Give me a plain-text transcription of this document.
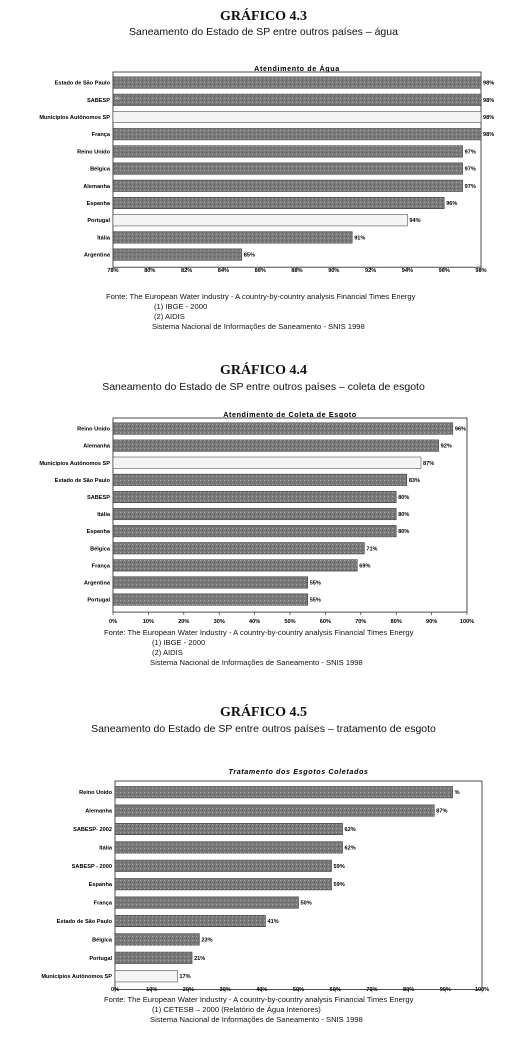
GRÁFICO 4.3
Saneamento do Estado de SP entre outros países – água
Atendimento de Água
Estado de São Paulo	98%
SABESP	98%
(1)
Municípios Autônomos SP	98%
França	98%
Reino Unido	97%
Bélgica	97%
Alemanha	97%
Espanha	96%
Portugal	94%
Itália	91%
Argentina	85%
78%	80%	82%	84%	86%	88%	90%	92%	94%	96%	98%
Fonte: The European Water Industry - A country-by-country analysis Financial Times Energy
(1) IBGE - 2000
(2) AIDIS
Sistema Nacional de Informações de Saneamento - SNIS 1998
GRÁFICO 4.4
Saneamento do Estado de SP entre outros países – coleta de esgoto
Atendimento de Coleta de Esgoto
Reino Unido	96%
Alemanha	92%
Municípios Autônomos SP	87%
Estado de São Paulo	83%
SABESP	80%
Itália	80%
Espanha	80%
Bélgica	71%
França	69%
Argentina	55%
Portugal	55%
0%	10%	20%	30%	40%	50%	60%	70%	80%	90%	100%
Fonte: The European Water Industry - A country-by-country analysis Financial Times Energy
(1) IBGE - 2000
(2) AIDIS
Sistema Nacional de Informações de Saneamento - SNIS 1998
GRÁFICO 4.5
Saneamento do Estado de SP entre outros países – tratamento de esgoto
Tratamento dos Esgotos Coletados
Reino Unido	%
Alemanha	87%
SABESP- 2002	62%
Itália	62%
SABESP - 2000	59%
Espanha	59%
França	50%
Estado de São Paulo	41%
Bélgica	23%
Portugal	21%
Municípios Autônomos SP	17%
0%	10%	20%	30%	40%	50%	60%	70%	80%	90%	100%
Fonte: The European Water Industry - A country-by-country analysis Financial Times Energy
(1) CETESB – 2000 (Relatório de Água Interiores)
Sistema Nacional de Informações de Saneamento - SNIS 1998
